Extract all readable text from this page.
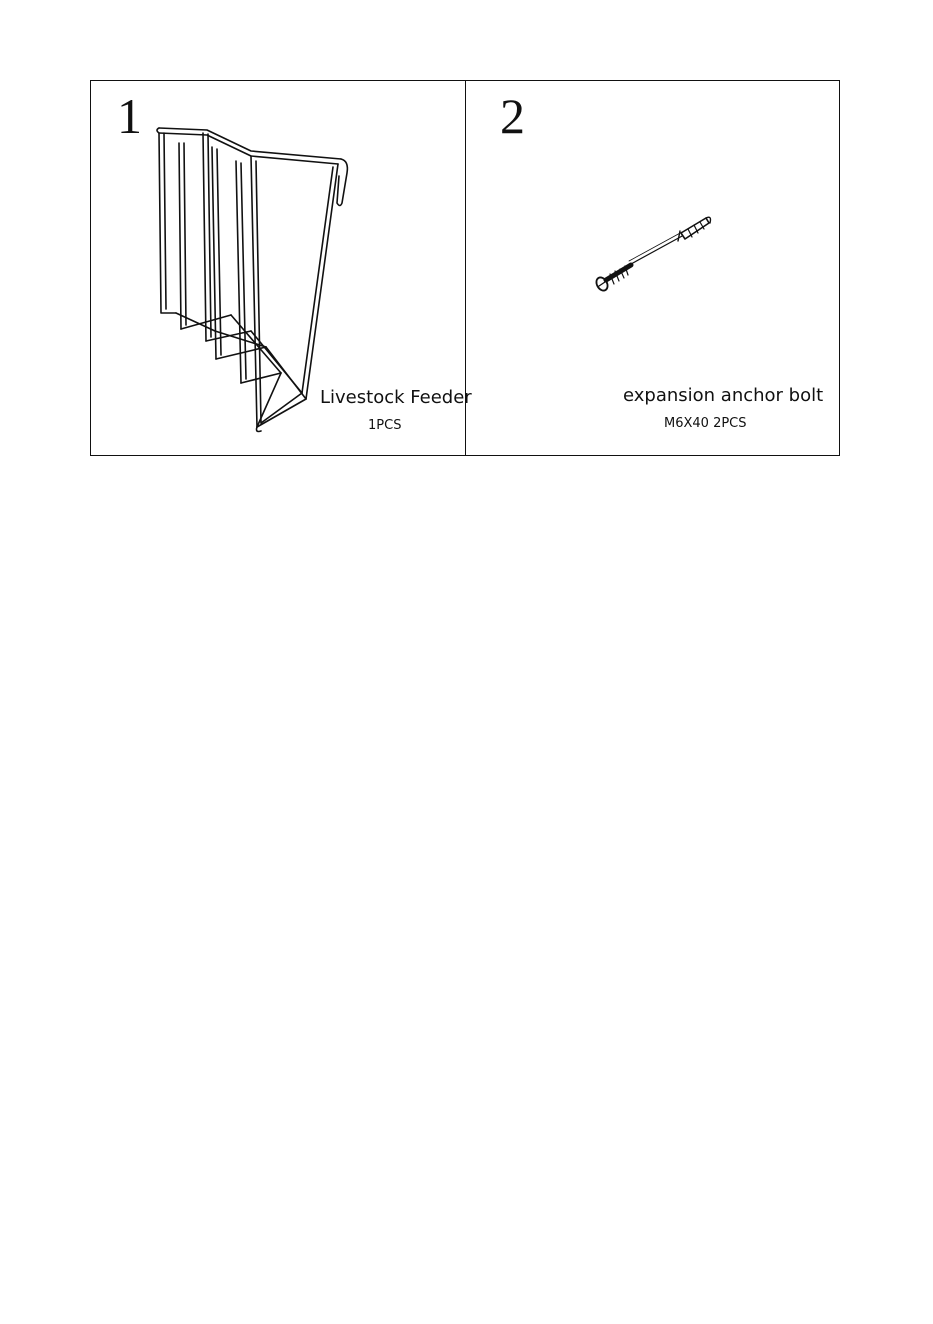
1
Livestock Feeder
1PCS
2
expansion anchor bolt
M6X40 2PCS
